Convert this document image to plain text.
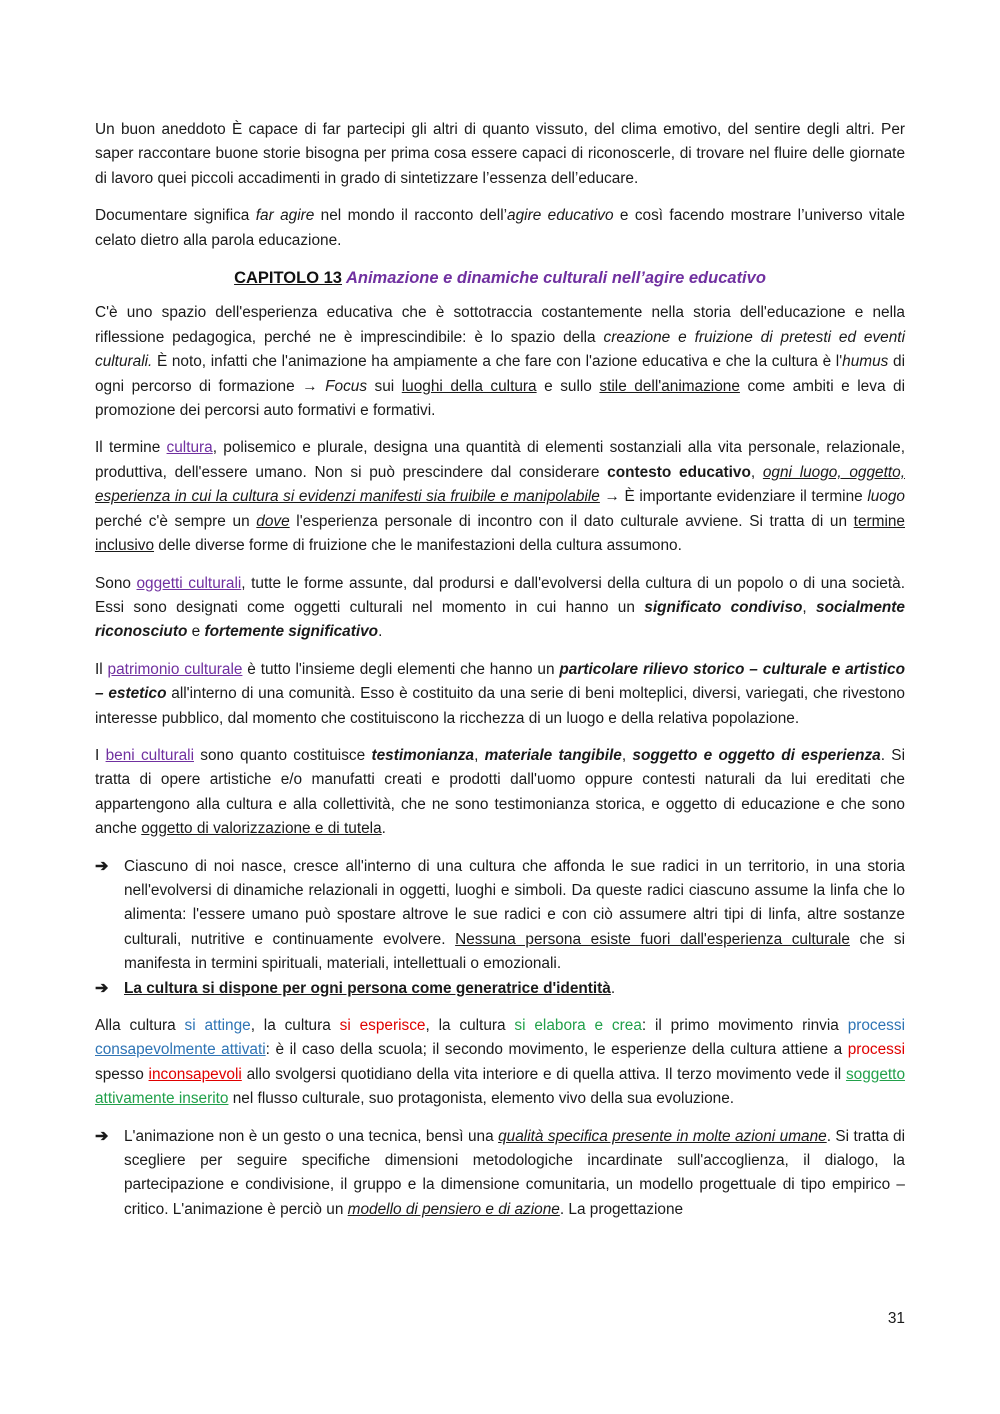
Un buon aneddoto È capace di far partecipi gli altri di quanto vissuto, del clima emotivo, del sentire degli altri. Per saper raccontare buone storie bisogna per prima cosa essere capaci di riconoscerle, di trovare nel fluire delle giornate di lavoro quei piccoli accadimenti in grado di sintetizzare l’essenza dell’educare.

Documentare significa far agire nel mondo il racconto dell’agire educativo e così facendo mostrare l’universo vitale celato dietro alla parola educazione.

CAPITOLO 13 Animazione e dinamiche culturali nell’agire educativo

C'è uno spazio dell'esperienza educativa che è sottotraccia costantemente nella storia dell'educazione e nella riflessione pedagogica, perché ne è imprescindibile: è lo spazio della creazione e fruizione di pretesti ed eventi culturali. È noto, infatti che l'animazione ha ampiamente a che fare con l'azione educativa e che la cultura è l'humus di ogni percorso di formazione → Focus sui luoghi della cultura e sullo stile dell'animazione come ambiti e leva di promozione dei percorsi auto formativi e formativi.

Il termine cultura, polisemico e plurale, designa una quantità di elementi sostanziali alla vita personale, relazionale, produttiva, dell'essere umano. Non si può prescindere dal considerare contesto educativo, ogni luogo, oggetto, esperienza in cui la cultura si evidenzi manifesti sia fruibile e manipolabile → È importante evidenziare il termine luogo perché c'è sempre un dove l'esperienza personale di incontro con il dato culturale avviene. Si tratta di un termine inclusivo delle diverse forme di fruizione che le manifestazioni della cultura assumono.

Sono oggetti culturali, tutte le forme assunte, dal prodursi e dall'evolversi della cultura di un popolo o di una società. Essi sono designati come oggetti culturali nel momento in cui hanno un significato condiviso, socialmente riconosciuto e fortemente significativo.

Il patrimonio culturale è tutto l'insieme degli elementi che hanno un particolare rilievo storico – culturale e artistico – estetico all'interno di una comunità. Esso è costituito da una serie di beni molteplici, diversi, variegati, che rivestono interesse pubblico, dal momento che costituiscono la ricchezza di un luogo e della relativa popolazione.

I beni culturali sono quanto costituisce testimonianza, materiale tangibile, soggetto e oggetto di esperienza. Si tratta di opere artistiche e/o manufatti creati e prodotti dall'uomo oppure contesti naturali da lui ereditati che appartengono alla cultura e alla collettività, che ne sono testimonianza storica, e oggetto di educazione e che sono anche oggetto di valorizzazione e di tutela.

➔ Ciascuno di noi nasce, cresce all'interno di una cultura che affonda le sue radici in un territorio, in una storia nell'evolversi di dinamiche relazionali in oggetti, luoghi e simboli. Da queste radici ciascuno assume la linfa che lo alimenta: l'essere umano può spostare altrove le sue radici e con ciò assumere altri tipi di linfa, altre sostanze culturali, nutritive e continuamente evolvere. Nessuna persona esiste fuori dall'esperienza culturale che si manifesta in termini spirituali, materiali, intellettuali o emozionali.
➔ La cultura si dispone per ogni persona come generatrice d'identità.

Alla cultura si attinge, la cultura si esperisce, la cultura si elabora e crea: il primo movimento rinvia processi consapevolmente attivati: è il caso della scuola; il secondo movimento, le esperienze della cultura attiene a processi spesso inconsapevoli allo svolgersi quotidiano della vita interiore e di quella attiva. Il terzo movimento vede il soggetto attivamente inserito nel flusso culturale, suo protagonista, elemento vivo della sua evoluzione.

➔ L'animazione non è un gesto o una tecnica, bensì una qualità specifica presente in molte azioni umane. Si tratta di scegliere per seguire specifiche dimensioni metodologiche incardinate sull'accoglienza, il dialogo, la partecipazione e condivisione, il gruppo e la dimensione comunitaria, un modello progettuale di tipo empirico – critico. L'animazione è perciò un modello di pensiero e di azione. La progettazione
31
